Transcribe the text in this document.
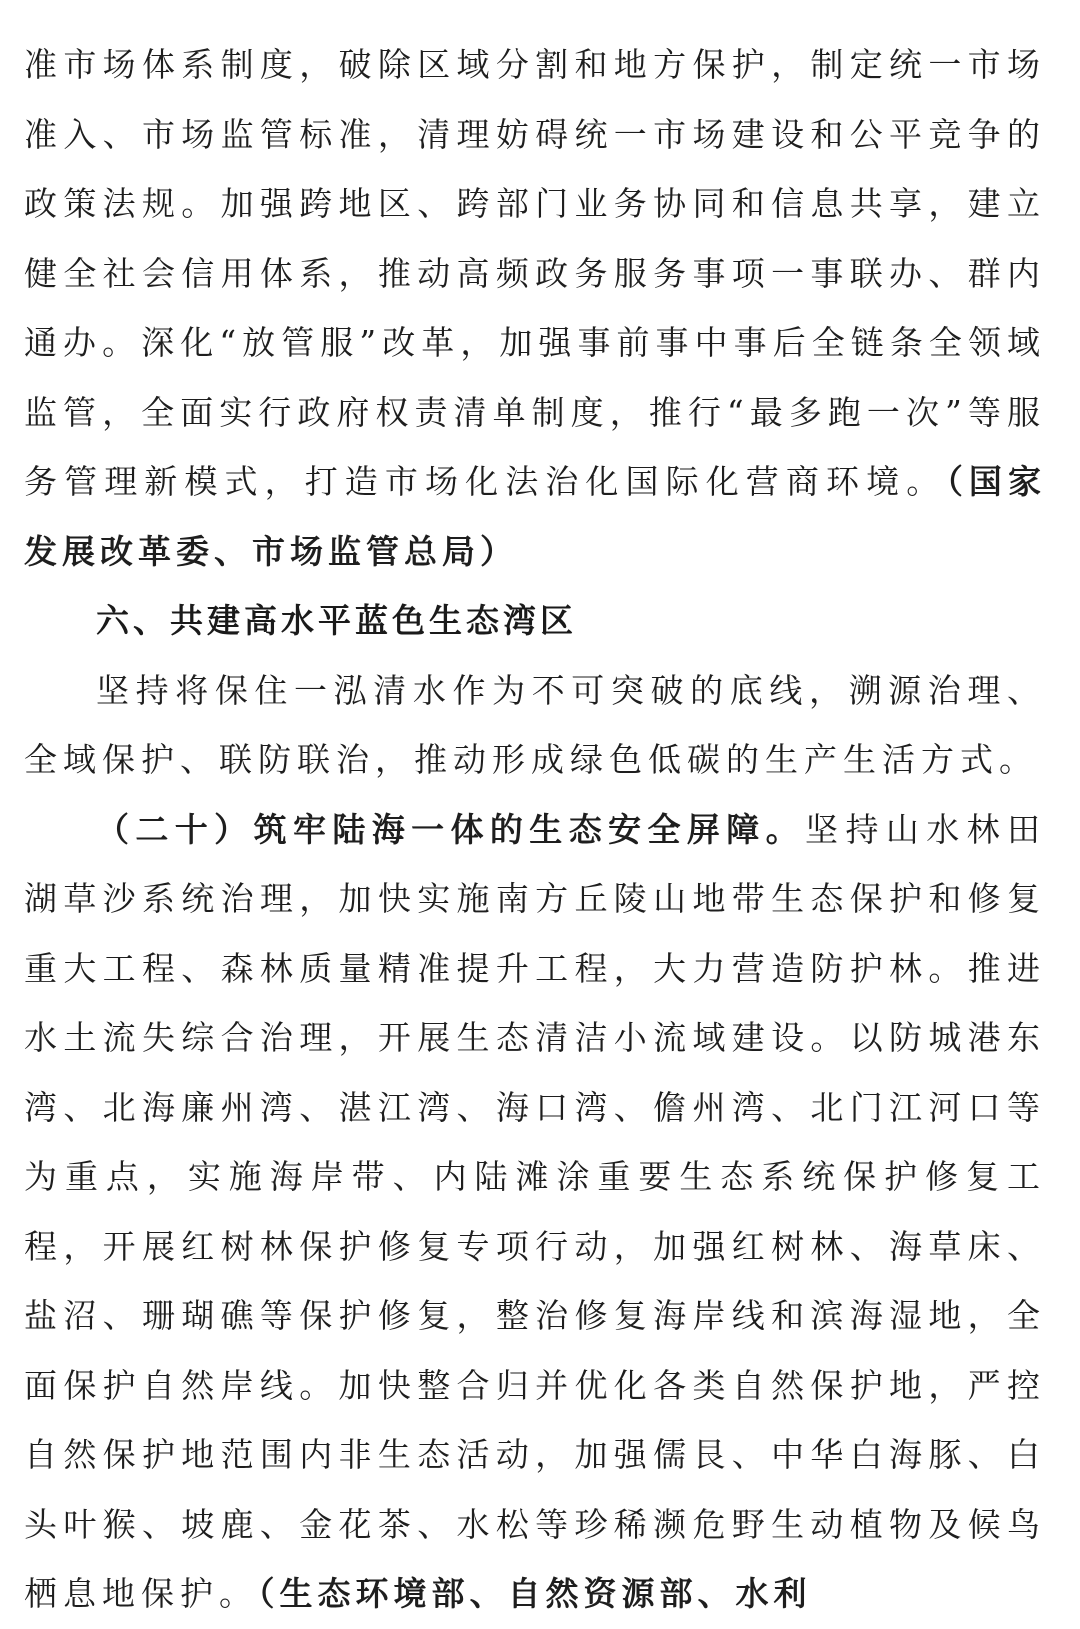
准市场体系制度，破除区域分割和地方保护，制定统一市场准入、市场监管标准，清理妨碍统一市场建设和公平竞争的政策法规。加强跨地区、跨部门业务协同和信息共享，建立健全社会信用体系，推动高频政务服务事项一事联办、群内通办。深化“放管服”改革，加强事前事中事后全链条全领域监管，全面实行政府权责清单制度，推行“最多跑一次”等服务管理新模式，打造市场化法治化国际化营商环境。（国家发展改革委、市场监管总局）

六、共建高水平蓝色生态湾区

坚持将保住一泓清水作为不可突破的底线，溯源治理、全域保护、联防联治，推动形成绿色低碳的生产生活方式。

（二十）筑牢陆海一体的生态安全屏障。坚持山水林田湖草沙系统治理，加快实施南方丘陵山地带生态保护和修复重大工程、森林质量精准提升工程，大力营造防护林。推进水土流失综合治理，开展生态清洁小流域建设。以防城港东湾、北海廉州湾、湛江湾、海口湾、儋州湾、北门江河口等为重点，实施海岸带、内陆滩涂重要生态系统保护修复工程，开展红树林保护修复专项行动，加强红树林、海草床、盐沼、珊瑚礁等保护修复，整治修复海岸线和滨海湿地，全面保护自然岸线。加快整合归并优化各类自然保护地，严控自然保护地范围内非生态活动，加强儒艮、中华白海豚、白头叶猴、坡鹿、金花茶、水松等珍稀濒危野生动植物及候鸟栖息地保护。（生态环境部、自然资源部、水利
